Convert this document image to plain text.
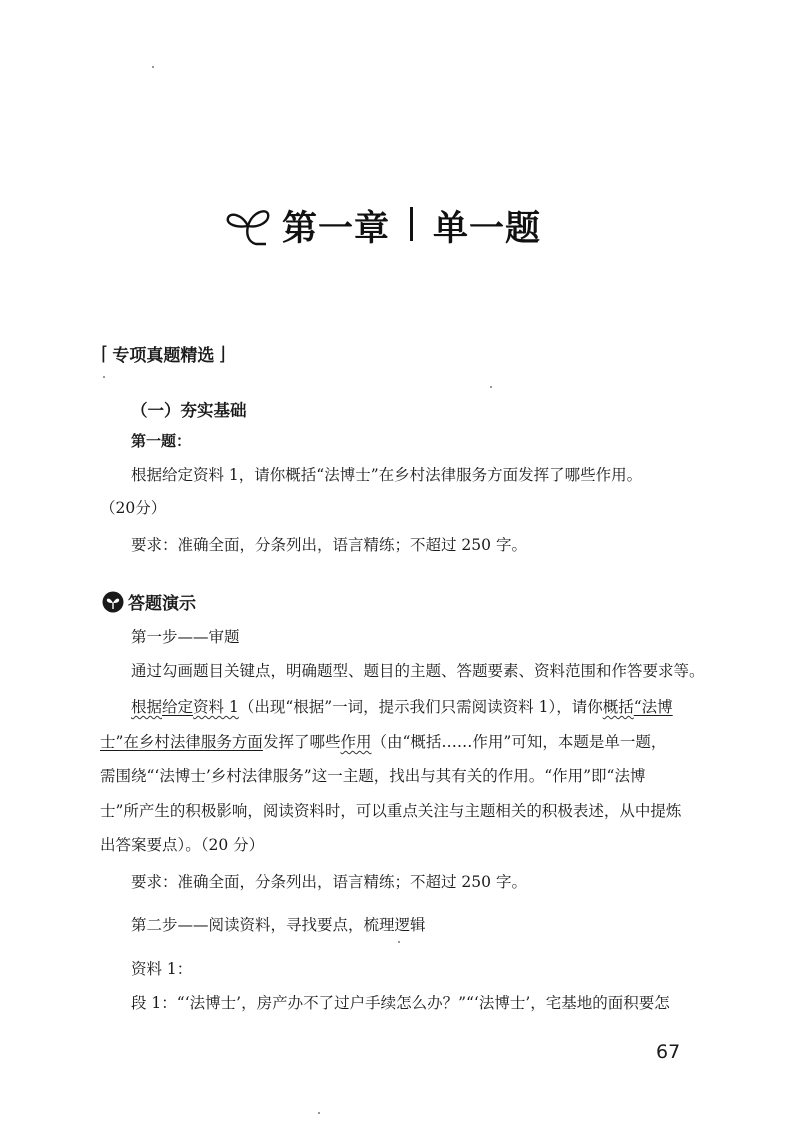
第一章 单一题
⌈ 专项真题精选 ⌋
（一）夯实基础
第一题：
根据给定资料 1，请你概括“法博士”在乡村法律服务方面发挥了哪些作用。
（20分）
要求：准确全面，分条列出，语言精练；不超过 250 字。
答题演示
第一步——审题
通过勾画题目关键点，明确题型、题目的主题、答题要素、资料范围和作答要求等。
根据给定资料 1（出现“根据”一词，提示我们只需阅读资料 1），请你概括“法博
士”在乡村法律服务方面发挥了哪些作用（由“概括……作用”可知，本题是单一题，
需围绕“‘法博士’乡村法律服务”这一主题，找出与其有关的作用。“作用”即“法博
士”所产生的积极影响，阅读资料时，可以重点关注与主题相关的积极表述，从中提炼
出答案要点）。（20 分）
要求：准确全面，分条列出，语言精练；不超过 250 字。
第二步——阅读资料，寻找要点，梳理逻辑
资料 1：
段 1：“‘法博士’，房产办不了过户手续怎么办？”“‘法博士’，宅基地的面积要怎
67
